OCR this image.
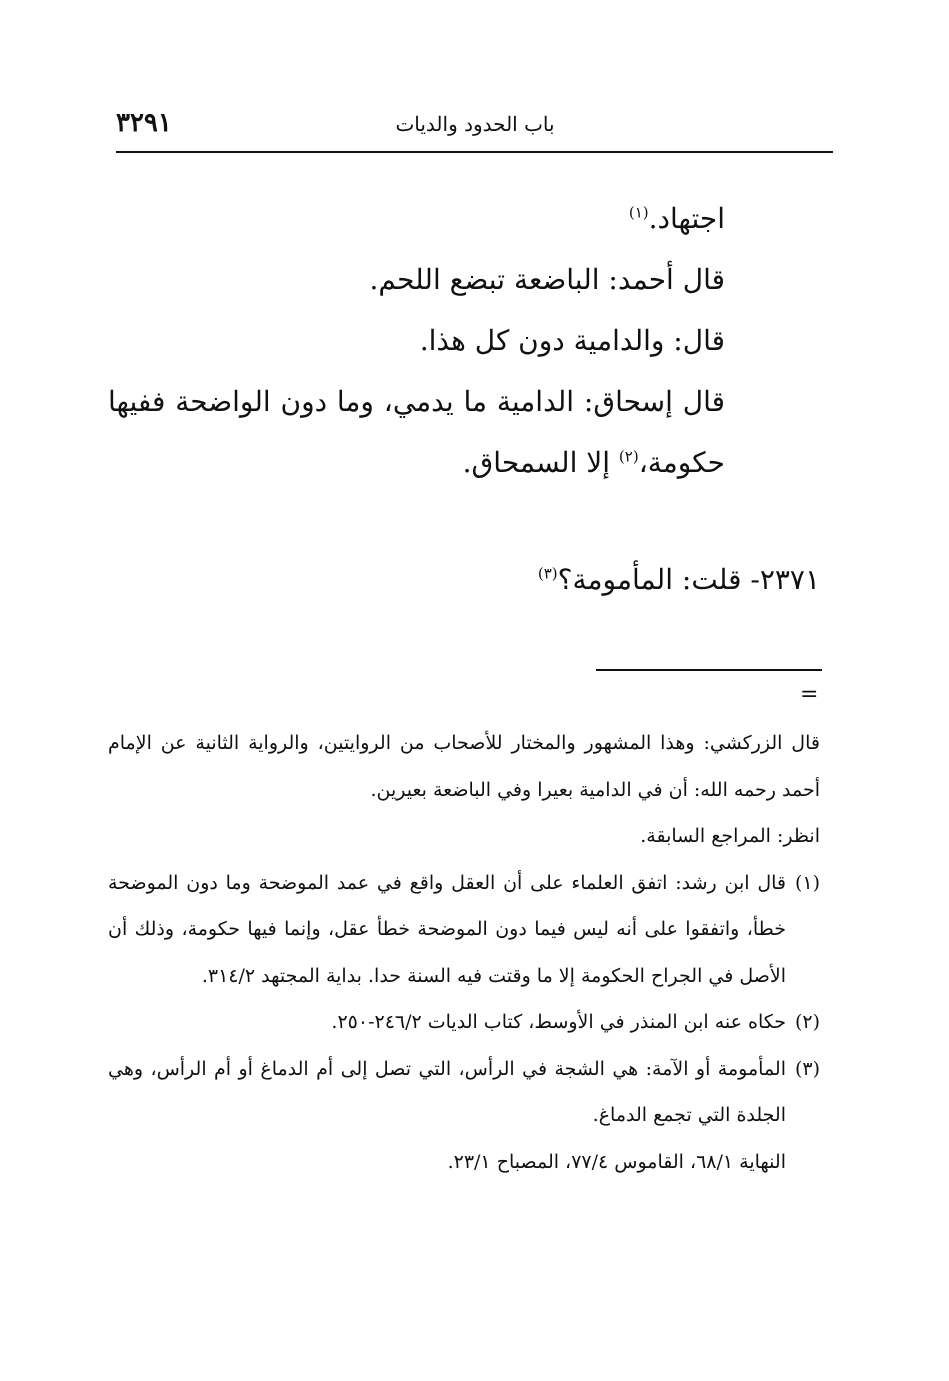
٣٢٩١	باب الحدود والديات

اجتهاد.$^{(١)}$

قال أحمد: الباضعة تبضع اللحم.

قال: والدامية دون كل هذا.

قال إسحاق: الدامية ما يدمي، وما دون الواضحة ففيها حكومة،$^{(٢)}$ إلا السمحاق.

٢٣٧١- قلت: المأمومة؟$^{(٣)}$
=

قال الزركشي: وهذا المشهور والمختار للأصحاب من الروايتين، والرواية الثانية عن الإمام أحمد رحمه الله: أن في الدامية بعيرا وفي الباضعة بعيرين.

انظر: المراجع السابقة.

(١)
قال ابن رشد: اتفق العلماء على أن العقل واقع في عمد الموضحة وما دون الموضحة خطأ، واتفقوا على أنه ليس فيما دون الموضحة خطأ عقل، وإنما فيها حكومة، وذلك أن الأصل في الجراح الحكومة إلا ما وقتت فيه السنة حدا. بداية المجتهد ٣١٤/٢.
(٢)
حكاه عنه ابن المنذر في الأوسط، كتاب الديات ٢٤٦/٢-٢٥٠.
(٣)
المأمومة أو الآمة: هي الشجة في الرأس، التي تصل إلى أم الدماغ أو أم الرأس، وهي الجلدة التي تجمع الدماغ.

النهاية ٦٨/١، القاموس ٧٧/٤، المصباح ٢٣/١.
